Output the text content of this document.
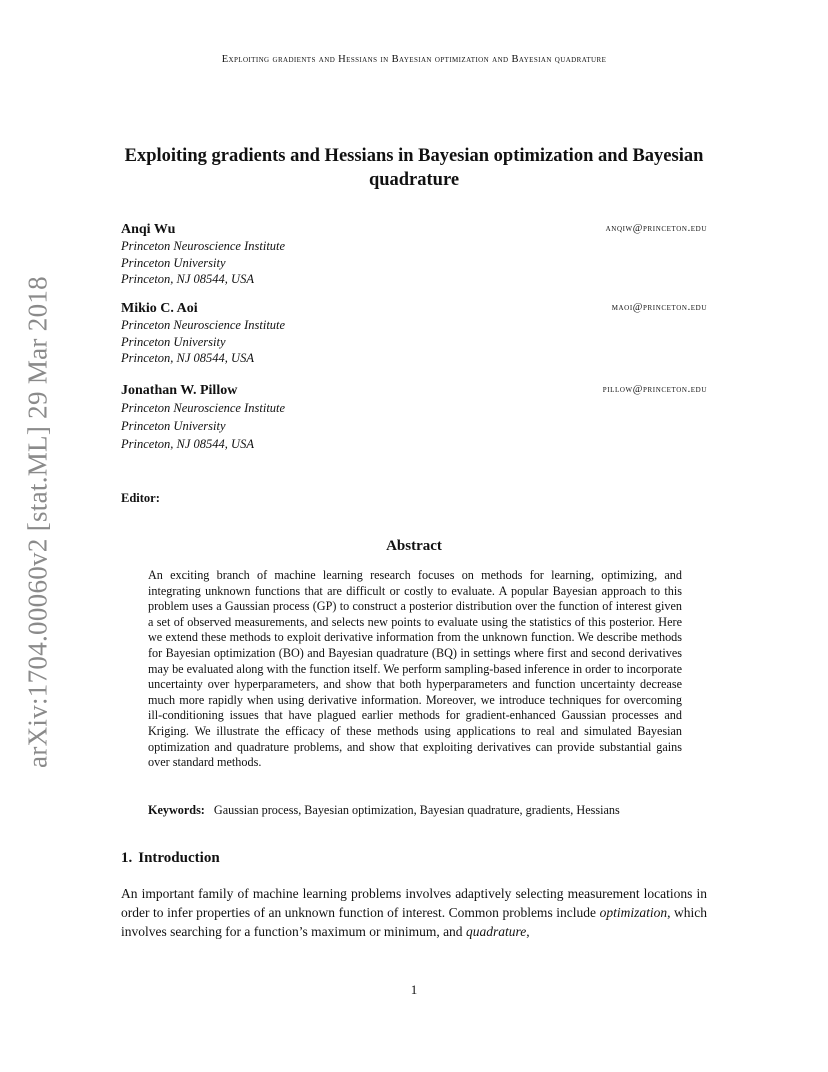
arXiv:1704.00060v2 [stat.ML] 29 Mar 2018
Exploiting gradients and Hessians in Bayesian optimization and Bayesian quadrature
Exploiting gradients and Hessians in Bayesian optimization and Bayesian quadrature
Anqi Wu	anqiw@princeton.edu
Princeton Neuroscience Institute
Princeton University
Princeton, NJ 08544, USA
Mikio C. Aoi	maoi@princeton.edu
Princeton Neuroscience Institute
Princeton University
Princeton, NJ 08544, USA
Jonathan W. Pillow	pillow@princeton.edu
Princeton Neuroscience Institute
Princeton University
Princeton, NJ 08544, USA
Editor:
Abstract
An exciting branch of machine learning research focuses on methods for learning, optimizing, and integrating unknown functions that are difficult or costly to evaluate. A popular Bayesian approach to this problem uses a Gaussian process (GP) to construct a posterior distribution over the function of interest given a set of observed measurements, and selects new points to evaluate using the statistics of this posterior. Here we extend these methods to exploit derivative information from the unknown function. We describe methods for Bayesian optimization (BO) and Bayesian quadrature (BQ) in settings where first and second derivatives may be evaluated along with the function itself. We perform sampling-based inference in order to incorporate uncertainty over hyperparameters, and show that both hyperparameters and function uncertainty decrease much more rapidly when using derivative information. Moreover, we introduce techniques for overcoming ill-conditioning issues that have plagued earlier methods for gradient-enhanced Gaussian processes and Kriging. We illustrate the efficacy of these methods using applications to real and simulated Bayesian optimization and quadrature problems, and show that exploiting derivatives can provide substantial gains over standard methods.
Keywords: Gaussian process, Bayesian optimization, Bayesian quadrature, gradients, Hessians
1. Introduction
An important family of machine learning problems involves adaptively selecting measurement locations in order to infer properties of an unknown function of interest. Common problems include optimization, which involves searching for a function’s maximum or minimum, and quadrature,
1
